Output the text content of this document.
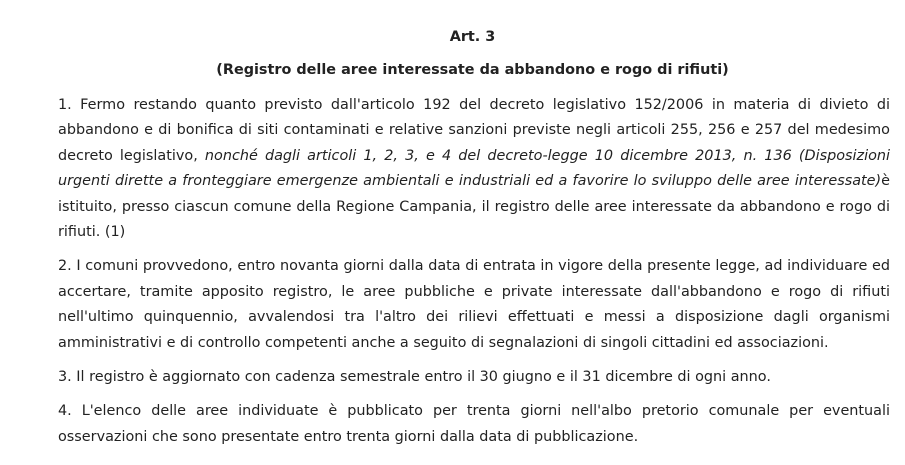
Art. 3
(Registro delle aree interessate da abbandono e rogo di rifiuti)

1. Fermo restando quanto previsto dall'articolo 192 del decreto legislativo 152/2006 in materia di divieto di abbandono e di bonifica di siti contaminati e relative sanzioni previste negli articoli 255, 256 e 257 del medesimo decreto legislativo, nonché dagli articoli 1, 2, 3, e 4 del decreto-legge 10 dicembre 2013, n. 136 (Disposizioni urgenti dirette a fronteggiare emergenze ambientali e industriali ed a favorire lo sviluppo delle aree interessate)è istituito, presso ciascun comune della Regione Campania, il registro delle aree interessate da abbandono e rogo di rifiuti. (1)

2. I comuni provvedono, entro novanta giorni dalla data di entrata in vigore della presente legge, ad individuare ed accertare, tramite apposito registro, le aree pubbliche e private interessate dall'abbandono e rogo di rifiuti nell'ultimo quinquennio, avvalendosi tra l'altro dei rilievi effettuati e messi a disposizione dagli organismi amministrativi e di controllo competenti anche a seguito di segnalazioni di singoli cittadini ed associazioni.

3. Il registro è aggiornato con cadenza semestrale entro il 30 giugno e il 31 dicembre di ogni anno.

4. L'elenco delle aree individuate è pubblicato per trenta giorni nell'albo pretorio comunale per eventuali osservazioni che sono presentate entro trenta giorni dalla data di pubblicazione.
